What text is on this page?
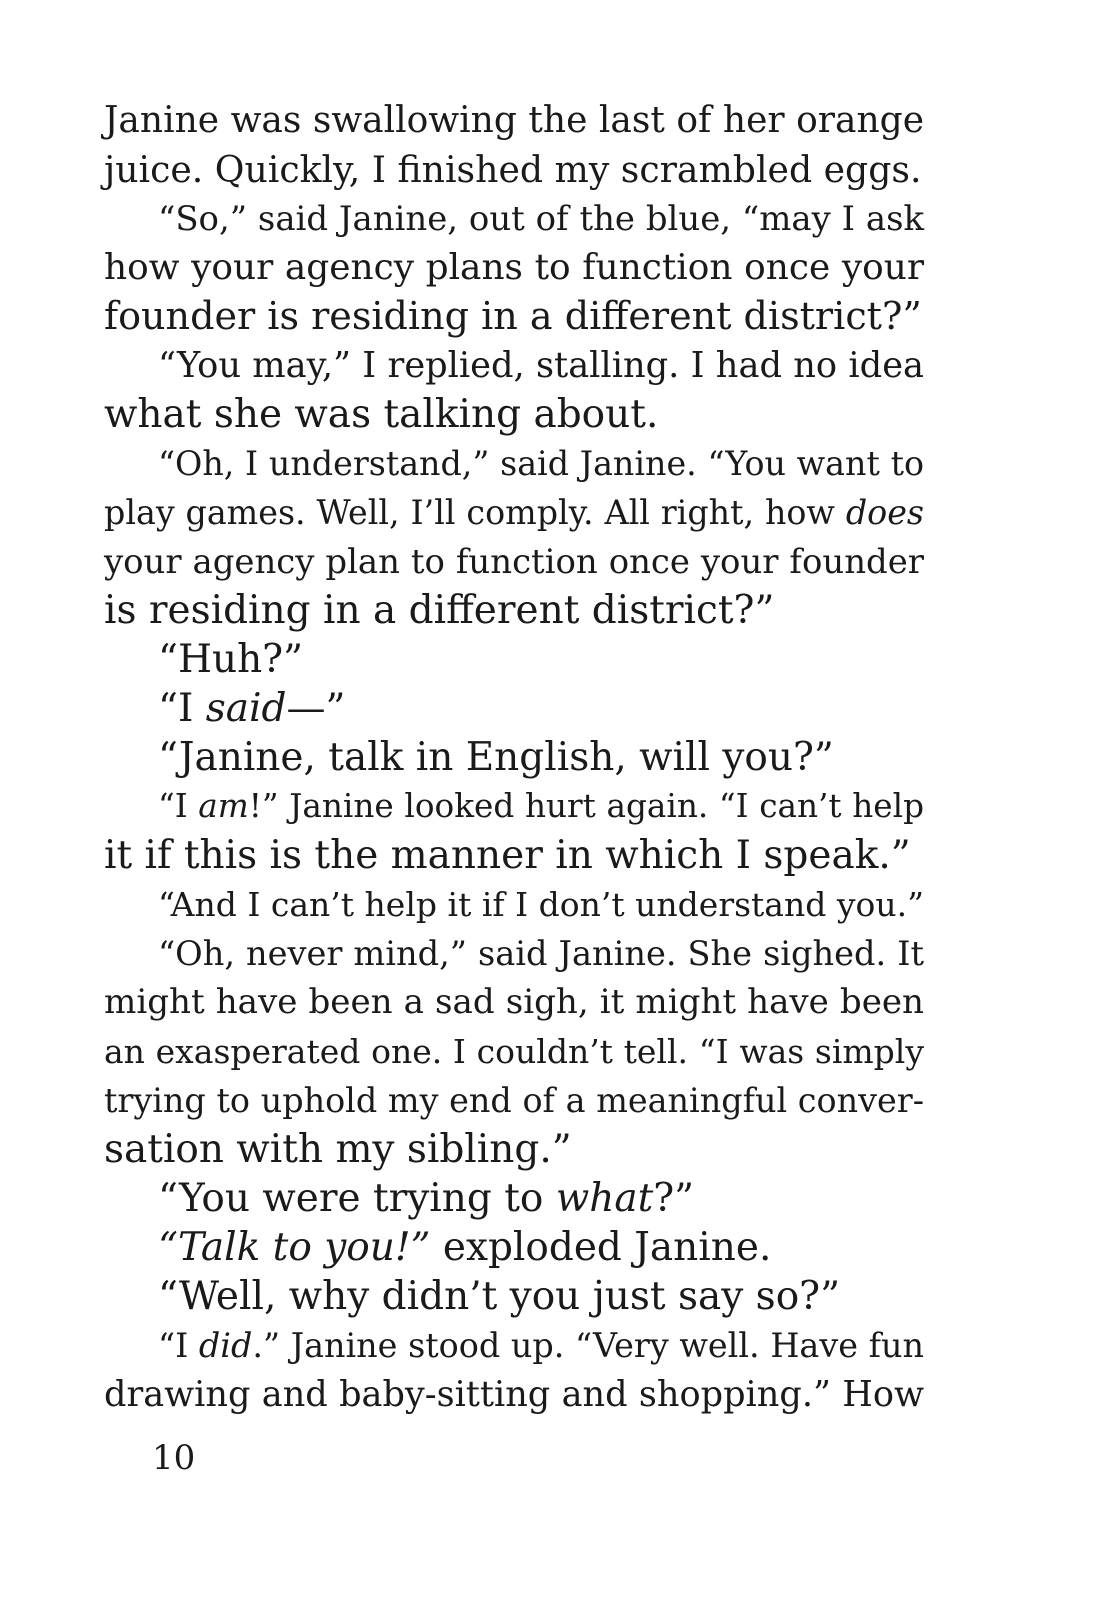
Janine was swallowing the last of her orange
juice. Quickly, I finished my scrambled eggs.
“So,” said Janine, out of the blue, “may I ask
how your agency plans to function once your
founder is residing in a different district?”
“You may,” I replied, stalling. I had no idea
what she was talking about.
“Oh, I understand,” said Janine. “You want to
play games. Well, I’ll comply. All right, how does
your agency plan to function once your founder
is residing in a different district?”
“Huh?”
“I said—”
“Janine, talk in English, will you?”
“I am!” Janine looked hurt again. “I can’t help
it if this is the manner in which I speak.”
“And I can’t help it if I don’t understand you.”
“Oh, never mind,” said Janine. She sighed. It
might have been a sad sigh, it might have been
an exasperated one. I couldn’t tell. “I was simply
trying to uphold my end of a meaningful conver-
sation with my sibling.”
“You were trying to what?”
“Talk to you!” exploded Janine.
“Well, why didn’t you just say so?”
“I did.” Janine stood up. “Very well. Have fun
drawing and baby-sitting and shopping.” How
10
